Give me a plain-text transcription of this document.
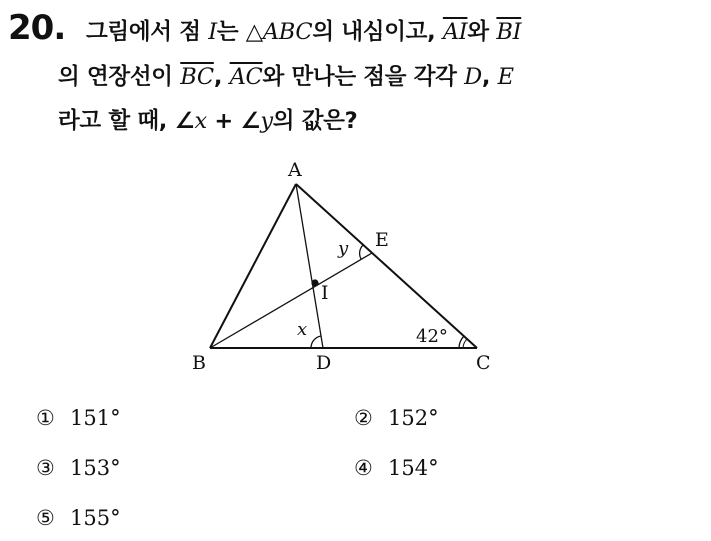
20. 그림에서 점 I는 △ABC의 내심이고, $\overline{AI}$와 $\overline{BI}$
의 연장선이 $\overline{BC}$, $\overline{AC}$와 만나는 점을 각각 D, E
라고 할 때, ∠x + ∠y의 값은?
A
B	C
D
E
I
x
y
42°
① 151°	② 152°
③ 153°	④ 154°
⑤ 155°
